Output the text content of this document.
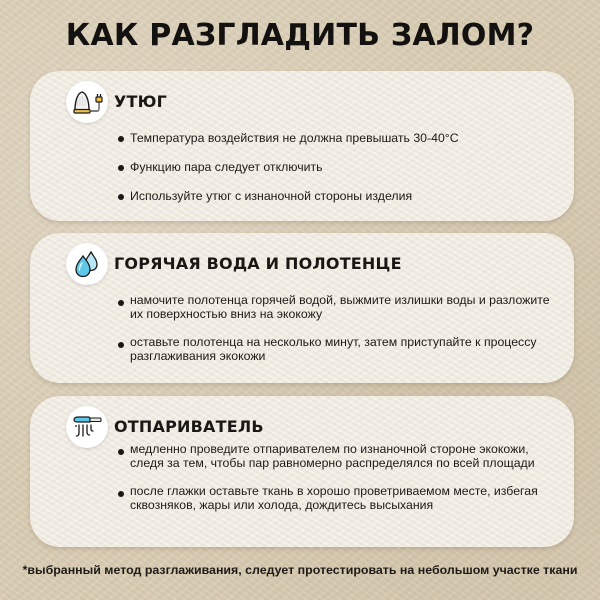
КАК РАЗГЛАДИТЬ ЗАЛОМ?
УТЮГ
Температура воздействия не должна превышать 30-40°C
Функцию пара следует отключить
Используйте утюг с изнаночной стороны изделия
ГОРЯЧАЯ ВОДА И ПОЛОТЕНЦЕ
намочите полотенца горячей водой, выжмите излишки воды и разложите их поверхностью вниз на экокожу
оставьте полотенца на несколько минут, затем приступайте к процессу разглаживания экокожи
ОТПАРИВАТЕЛЬ
медленно проведите отпаривателем по изнаночной стороне экокожи, следя за тем, чтобы пар равномерно распределялся по всей площади
после глажки оставьте ткань в хорошо проветриваемом месте, избегая сквозняков, жары или холода, дождитесь высыхания

*выбранный метод разглаживания, следует протестировать на небольшом участке ткани
